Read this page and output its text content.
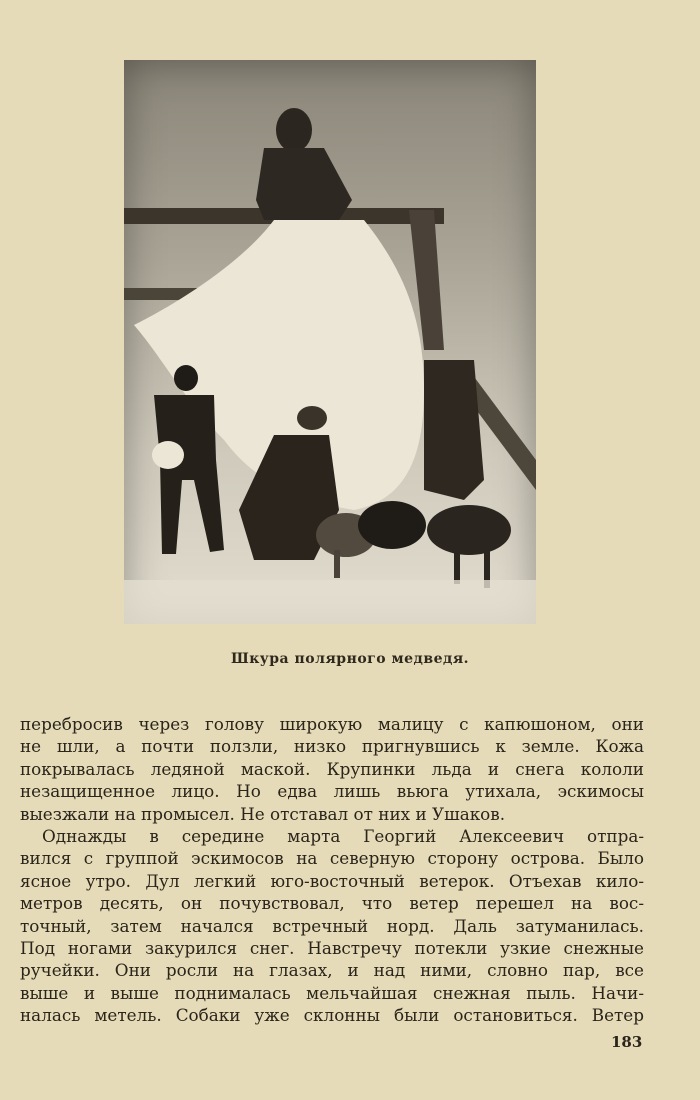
Шкура полярного медведя.
перебросив через голову широкую малицу с капюшоном, они
не шли, а почти ползли, низко пригнувшись к земле. Кожа
покрывалась ледяной маской. Крупинки льда и снега кололи
незащищенное лицо. Но едва лишь вьюга утихала, эскимосы
выезжали на промысел. Не отставал от них и Ушаков.
Однажды в середине марта Георгий Алексеевич отпра-
вился с группой эскимосов на северную сторону острова. Было
ясное утро. Дул легкий юго-восточный ветерок. Отъехав кило-
метров десять, он почувствовал, что ветер перешел на вос-
точный, затем начался встречный норд. Даль затуманилась.
Под ногами закурился снег. Навстречу потекли узкие снежные
ручейки. Они росли на глазах, и над ними, словно пар, все
выше и выше поднималась мельчайшая снежная пыль. Начи-
налась метель. Собаки уже склонны были остановиться. Ветер
183
